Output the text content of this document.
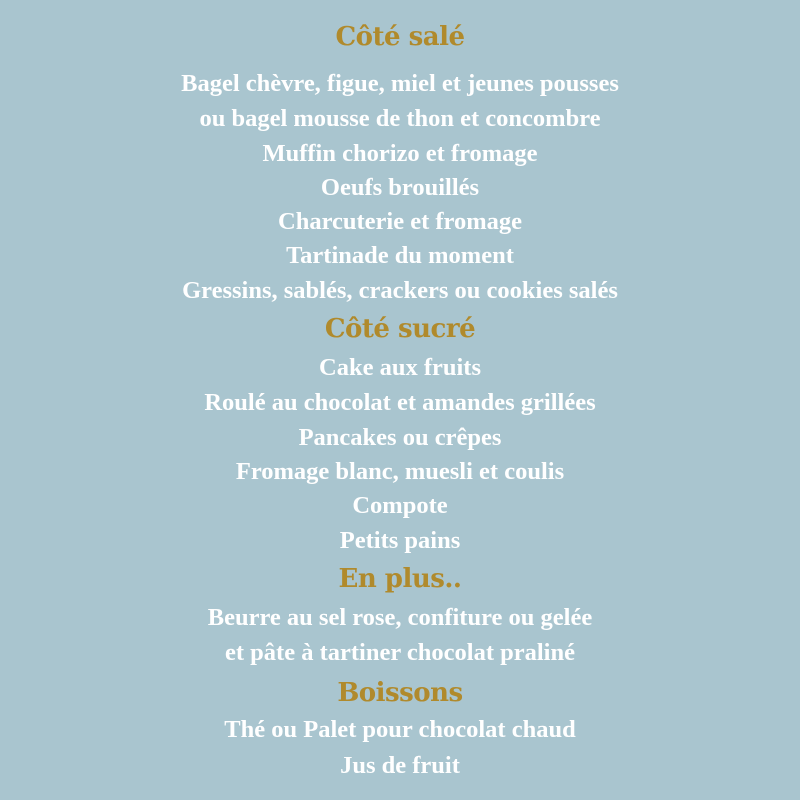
Côté salé
Bagel chèvre, figue, miel et jeunes pousses
ou bagel mousse de thon et concombre
Muffin chorizo et fromage
Oeufs brouillés
Charcuterie et fromage
Tartinade du moment
Gressins, sablés, crackers ou cookies salés
Côté sucré
Cake aux fruits
Roulé au chocolat et amandes grillées
Pancakes ou crêpes
Fromage blanc, muesli et coulis
Compote
Petits pains
En plus..
Beurre au sel rose, confiture ou gelée
et pâte à tartiner chocolat praliné
Boissons
Thé ou Palet pour chocolat chaud
Jus de fruit
